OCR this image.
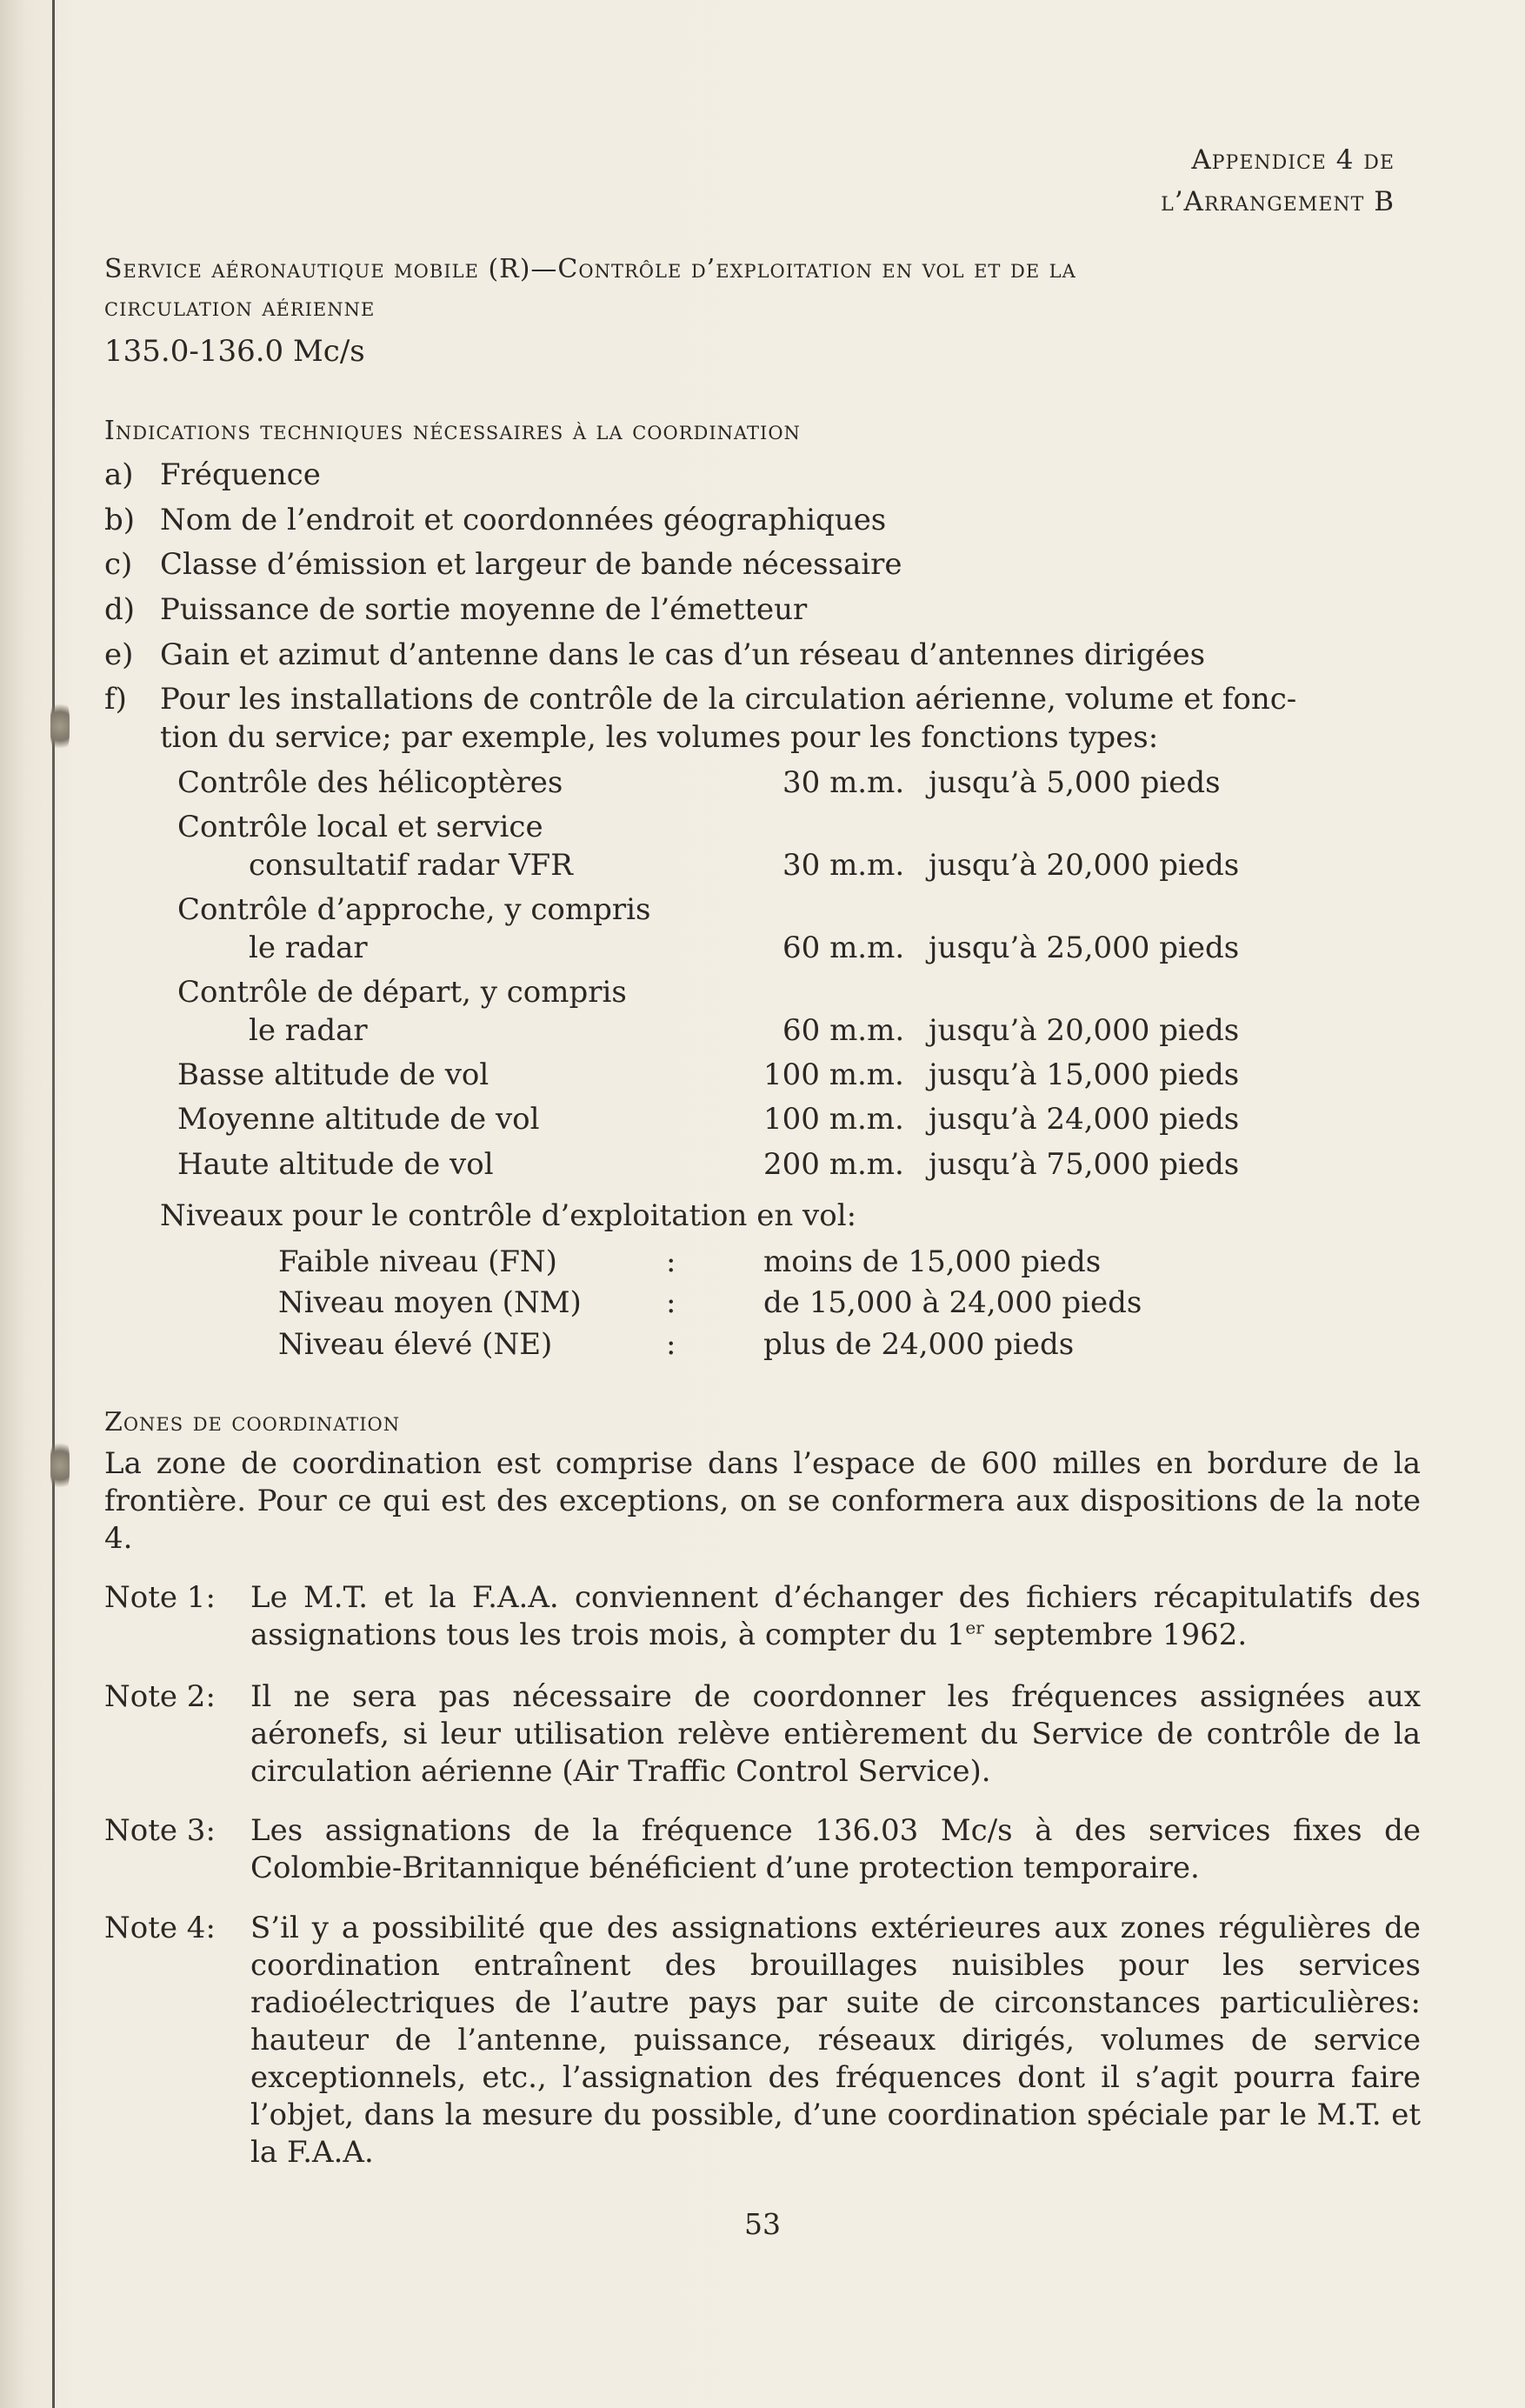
Appendice 4 de
l’Arrangement B
Service aéronautique mobile (R)—Contrôle d’exploitation en vol et de la
circulation aérienne
135.0-136.0 Mc/s
Indications techniques nécessaires à la coordination
a) Fréquence
b) Nom de l’endroit et coordonnées géographiques
c) Classe d’émission et largeur de bande nécessaire
d) Puissance de sortie moyenne de l’émetteur
e) Gain et azimut d’antenne dans le cas d’un réseau d’antennes dirigées
f) Pour les installations de contrôle de la circulation aérienne, volume et fonc-
tion du service; par exemple, les volumes pour les fonctions types:
Contrôle des hélicoptères	30 m.m. jusqu’à 5,000 pieds
Contrôle local et service
consultatif radar VFR	30 m.m. jusqu’à 20,000 pieds
Contrôle d’approche, y compris
le radar	60 m.m. jusqu’à 25,000 pieds
Contrôle de départ, y compris
le radar	60 m.m. jusqu’à 20,000 pieds
Basse altitude de vol	100 m.m. jusqu’à 15,000 pieds
Moyenne altitude de vol	100 m.m. jusqu’à 24,000 pieds
Haute altitude de vol	200 m.m. jusqu’à 75,000 pieds
Niveaux pour le contrôle d’exploitation en vol:
Faible niveau (FN)	:	moins de 15,000 pieds
Niveau moyen (NM)	:	de 15,000 à 24,000 pieds
Niveau élevé (NE)	:	plus de 24,000 pieds
Zones de coordination
La zone de coordination est comprise dans l’espace de 600 milles en bordure de la frontière. Pour ce qui est des exceptions, on se conformera aux dispositions de la note 4.
Note 1: Le M.T. et la F.A.A. conviennent d’échanger des fichiers récapitulatifs des assignations tous les trois mois, à compter du 1er septembre 1962.
Note 2: Il ne sera pas nécessaire de coordonner les fréquences assignées aux aéronefs, si leur utilisation relève entièrement du Service de contrôle de la circulation aérienne (Air Traffic Control Service).
Note 3: Les assignations de la fréquence 136.03 Mc/s à des services fixes de Colombie-Britannique bénéficient d’une protection temporaire.
Note 4: S’il y a possibilité que des assignations extérieures aux zones régulières de coordination entraînent des brouillages nuisibles pour les services radioélectriques de l’autre pays par suite de circonstances particulières: hauteur de l’antenne, puissance, réseaux dirigés, volumes de service exceptionnels, etc., l’assignation des fréquences dont il s’agit pourra faire l’objet, dans la mesure du possible, d’une coordination spéciale par le M.T. et la F.A.A.
53
